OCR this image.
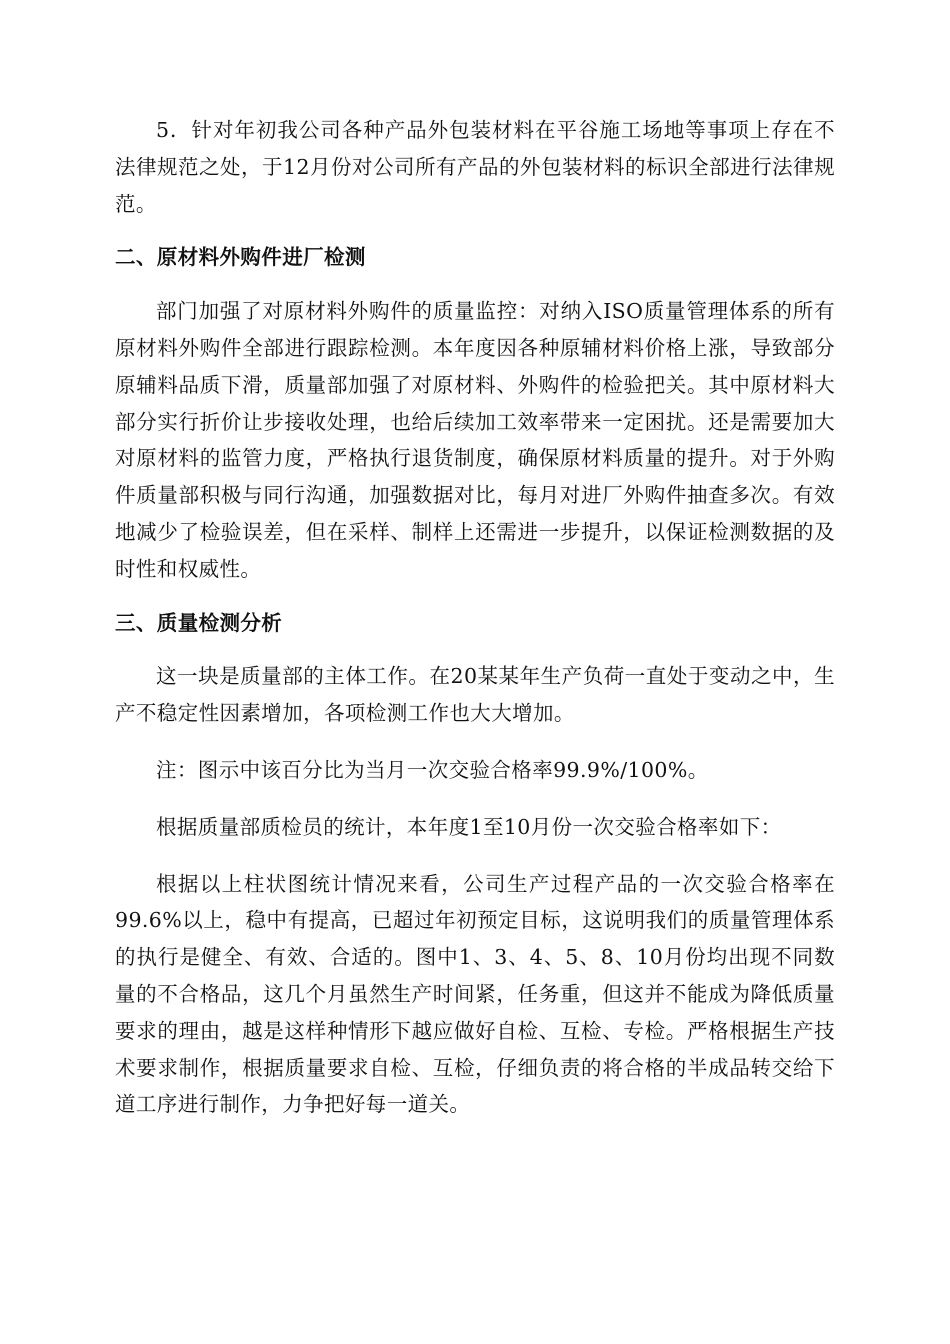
5．针对年初我公司各种产品外包装材料在平谷施工场地等事项上存在不法律规范之处，于12月份对公司所有产品的外包装材料的标识全部进行法律规范。

二、原材料外购件进厂检测

部门加强了对原材料外购件的质量监控：对纳入ISO质量管理体系的所有原材料外购件全部进行跟踪检测。本年度因各种原辅材料价格上涨，导致部分原辅料品质下滑，质量部加强了对原材料、外购件的检验把关。其中原材料大部分实行折价让步接收处理，也给后续加工效率带来一定困扰。还是需要加大对原材料的监管力度，严格执行退货制度，确保原材料质量的提升。对于外购件质量部积极与同行沟通，加强数据对比，每月对进厂外购件抽查多次。有效地减少了检验误差，但在采样、制样上还需进一步提升，以保证检测数据的及时性和权威性。

三、质量检测分析

这一块是质量部的主体工作。在20某某年生产负荷一直处于变动之中，生产不稳定性因素增加，各项检测工作也大大增加。

注：图示中该百分比为当月一次交验合格率99.9%/100%。

根据质量部质检员的统计，本年度1至10月份一次交验合格率如下：

根据以上柱状图统计情况来看，公司生产过程产品的一次交验合格率在99.6%以上，稳中有提高，已超过年初预定目标，这说明我们的质量管理体系的执行是健全、有效、合适的。图中1、3、4、5、8、10月份均出现不同数量的不合格品，这几个月虽然生产时间紧，任务重，但这并不能成为降低质量要求的理由，越是这样种情形下越应做好自检、互检、专检。严格根据生产技术要求制作，根据质量要求自检、互检，仔细负责的将合格的半成品转交给下道工序进行制作，力争把好每一道关。
